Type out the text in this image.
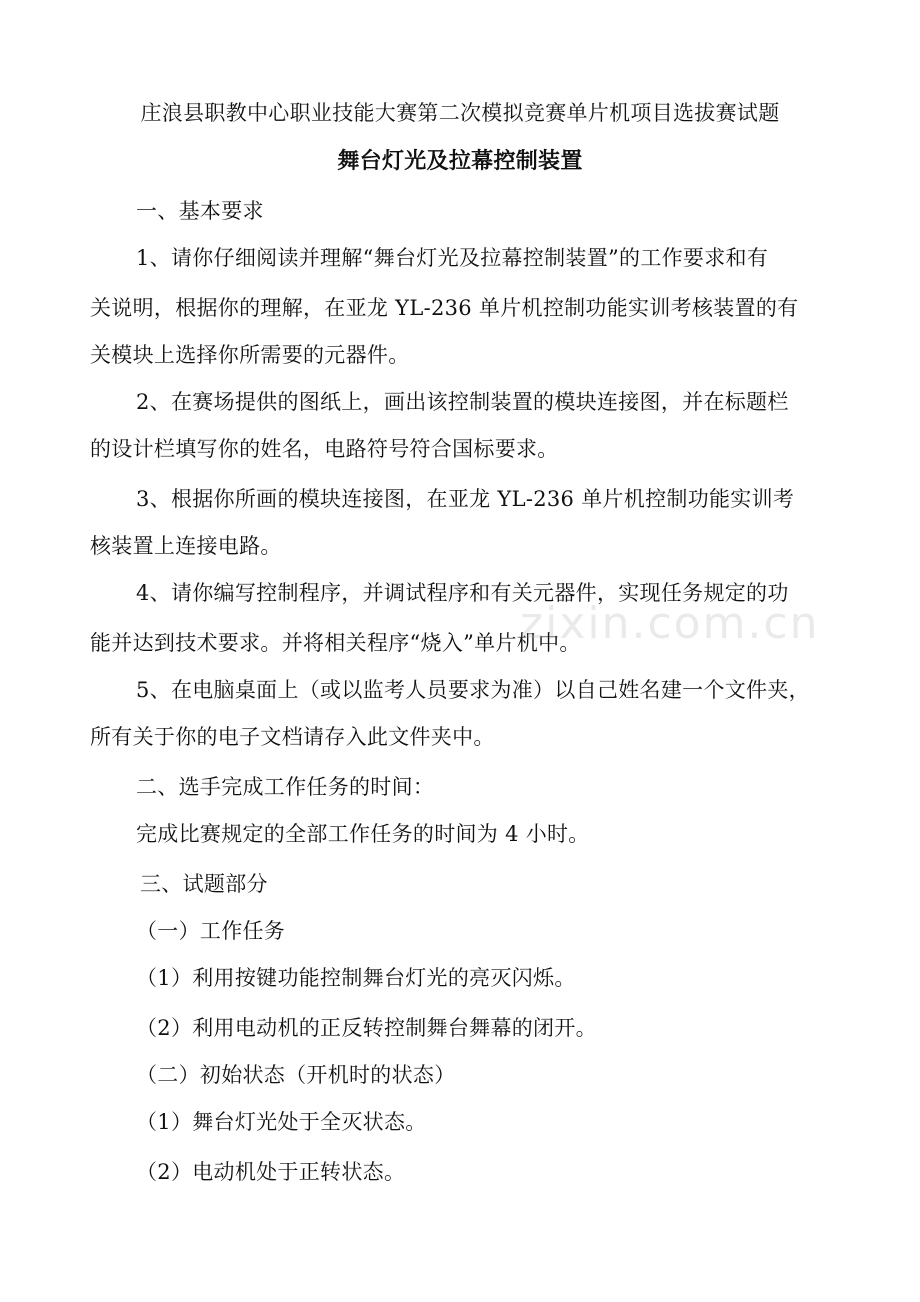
庄浪县职教中心职业技能大赛第二次模拟竞赛单片机项目选拔赛试题
舞台灯光及拉幕控制装置
一、基本要求
1、请你仔细阅读并理解“舞台灯光及拉幕控制装置”的工作要求和有
关说明，根据你的理解，在亚龙 YL-236 单片机控制功能实训考核装置的有
关模块上选择你所需要的元器件。
2、在赛场提供的图纸上，画出该控制装置的模块连接图，并在标题栏
的设计栏填写你的姓名，电路符号符合国标要求。
3、根据你所画的模块连接图，在亚龙 YL-236 单片机控制功能实训考
核装置上连接电路。
4、请你编写控制程序，并调试程序和有关元器件，实现任务规定的功
能并达到技术要求。并将相关程序“烧入”单片机中。
5、在电脑桌面上（或以监考人员要求为准）以自己姓名建一个文件夹，
所有关于你的电子文档请存入此文件夹中。
二、选手完成工作任务的时间：
完成比赛规定的全部工作任务的时间为 4 小时。
三、试题部分
（一）工作任务
（1）利用按键功能控制舞台灯光的亮灭闪烁。
（2）利用电动机的正反转控制舞台舞幕的闭开。
（二）初始状态（开机时的状态）
（1）舞台灯光处于全灭状态。
（2）电动机处于正转状态。
zixin.com.cn
